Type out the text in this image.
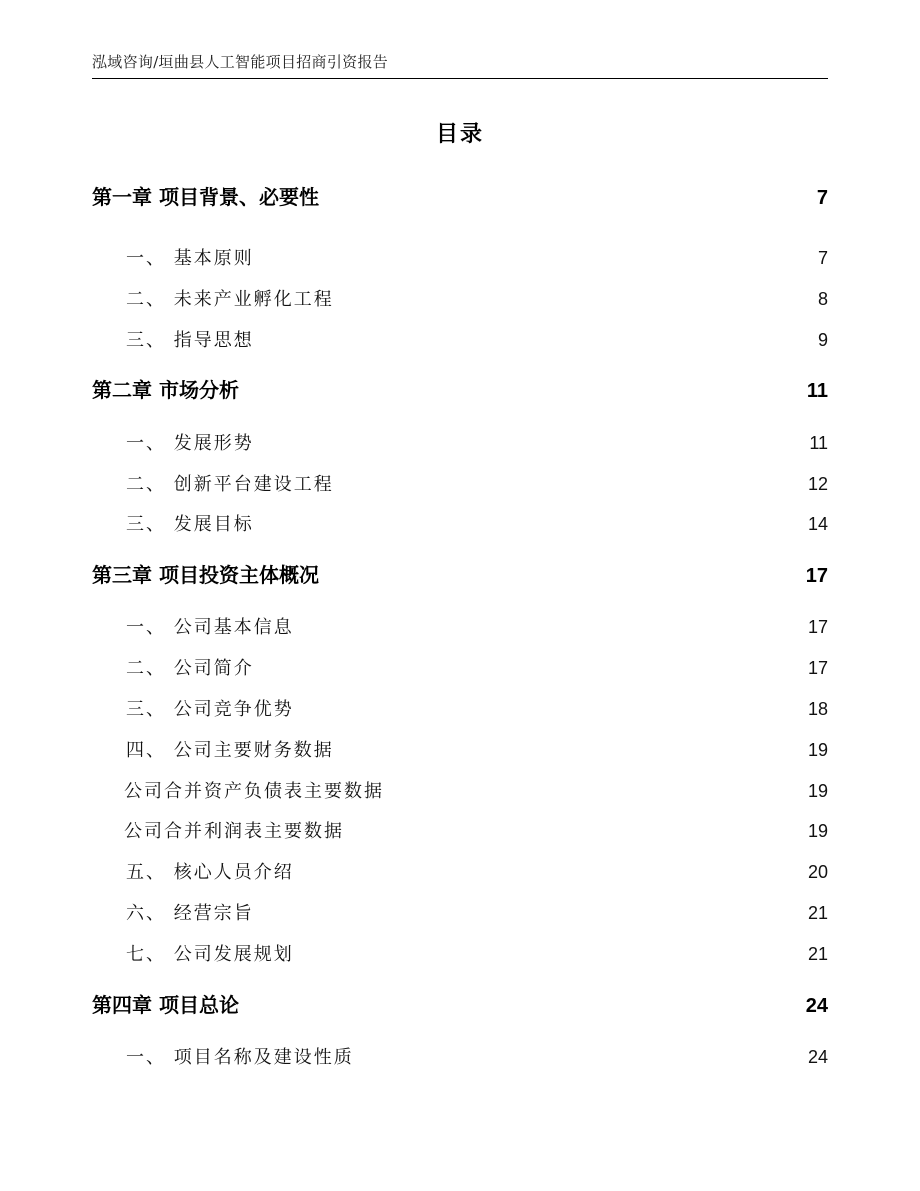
泓域咨询/垣曲县人工智能项目招商引资报告
目录
第一章 项目背景、必要性	7
一、 基本原则	7
二、 未来产业孵化工程	8
三、 指导思想	9
第二章 市场分析	11
一、 发展形势	11
二、 创新平台建设工程	12
三、 发展目标	14
第三章 项目投资主体概况	17
一、 公司基本信息	17
二、 公司简介	17
三、 公司竞争优势	18
四、 公司主要财务数据	19
公司合并资产负债表主要数据	19
公司合并利润表主要数据	19
五、 核心人员介绍	20
六、 经营宗旨	21
七、 公司发展规划	21
第四章 项目总论	24
一、 项目名称及建设性质	24
